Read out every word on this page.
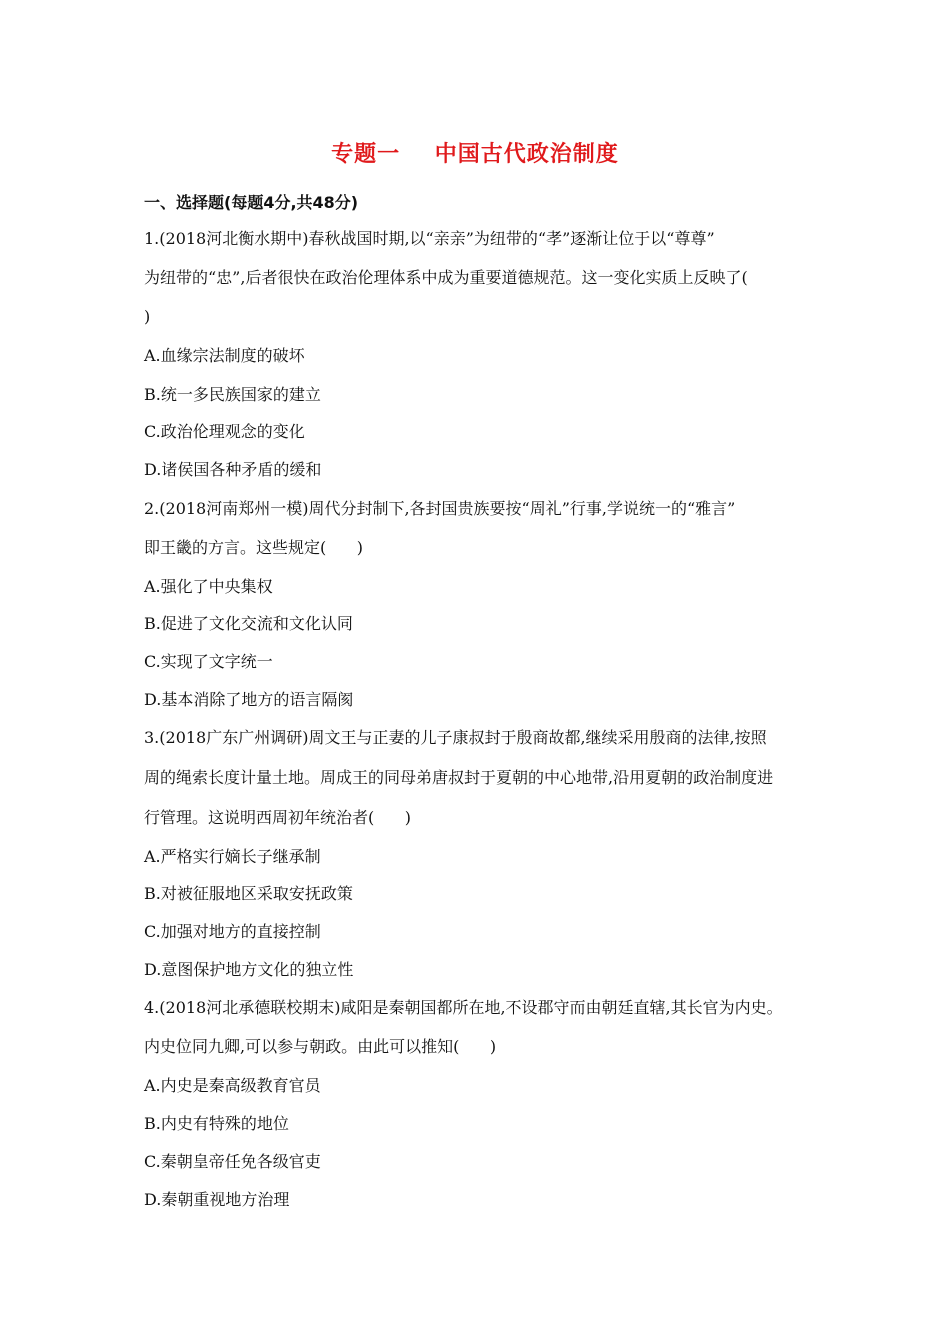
专题一    中国古代政治制度
一、选择题(每题4分,共48分)
1.(2018河北衡水期中)春秋战国时期,以“亲亲”为纽带的“孝”逐渐让位于以“尊尊”
为纽带的“忠”,后者很快在政治伦理体系中成为重要道德规范。这一变化实质上反映了(
)
A.血缘宗法制度的破坏
B.统一多民族国家的建立
C.政治伦理观念的变化
D.诸侯国各种矛盾的缓和
2.(2018河南郑州一模)周代分封制下,各封国贵族要按“周礼”行事,学说统一的“雅言”
即王畿的方言。这些规定(      )
A.强化了中央集权
B.促进了文化交流和文化认同
C.实现了文字统一
D.基本消除了地方的语言隔阂
3.(2018广东广州调研)周文王与正妻的儿子康叔封于殷商故都,继续采用殷商的法律,按照
周的绳索长度计量土地。周成王的同母弟唐叔封于夏朝的中心地带,沿用夏朝的政治制度进
行管理。这说明西周初年统治者(      )
A.严格实行嫡长子继承制
B.对被征服地区采取安抚政策
C.加强对地方的直接控制
D.意图保护地方文化的独立性
4.(2018河北承德联校期末)咸阳是秦朝国都所在地,不设郡守而由朝廷直辖,其长官为内史。
内史位同九卿,可以参与朝政。由此可以推知(      )
A.内史是秦高级教育官员
B.内史有特殊的地位
C.秦朝皇帝任免各级官吏
D.秦朝重视地方治理
